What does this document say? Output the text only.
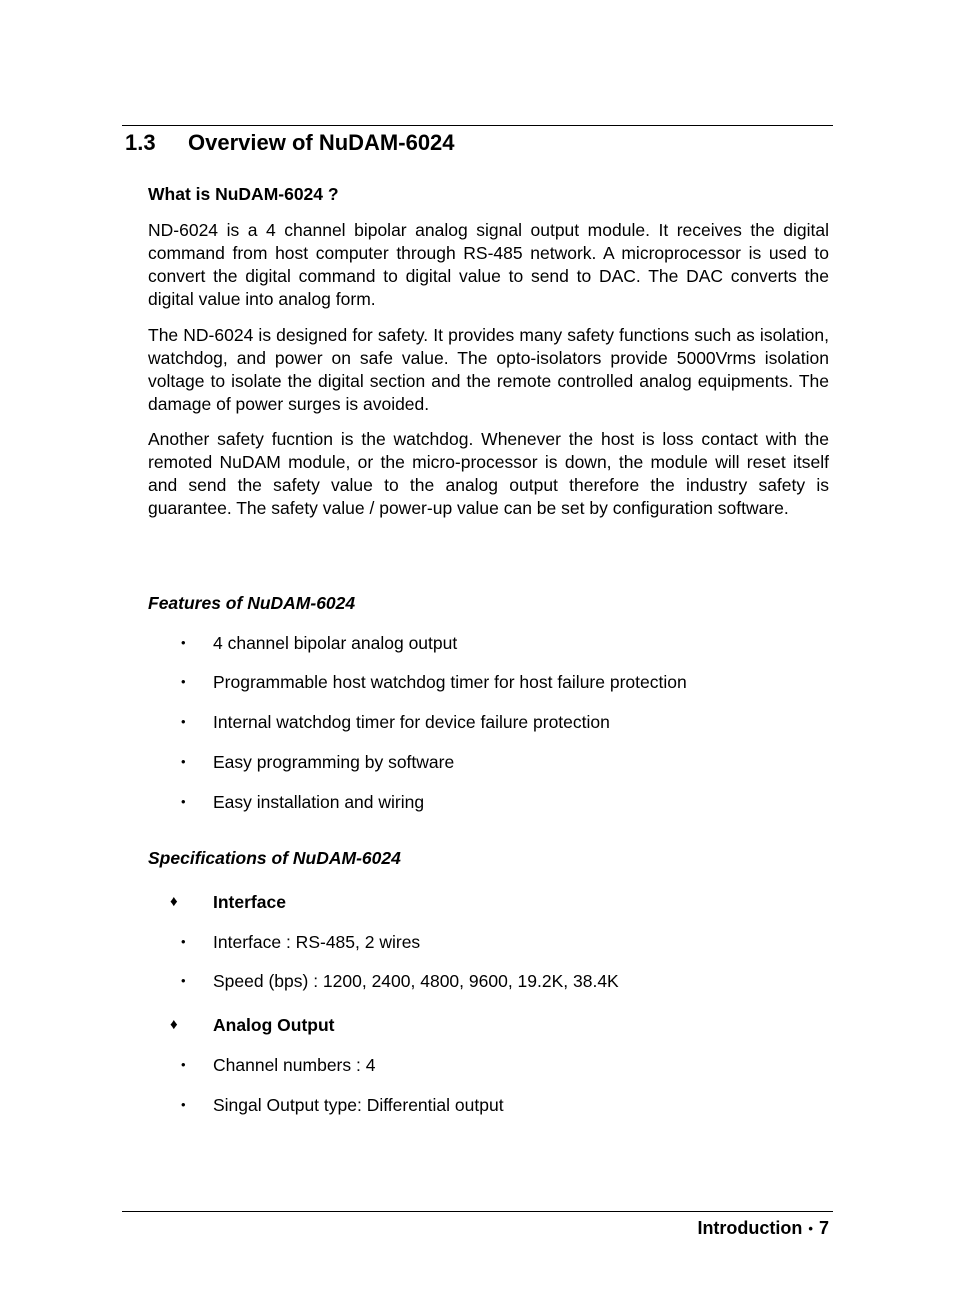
1.3 Overview of NuDAM-6024
What is NuDAM-6024 ?

ND-6024 is a 4 channel bipolar analog signal output module. It receives the digital command from host computer through RS-485 network. A microprocessor is used to convert the digital command to digital value to send to DAC. The DAC converts the digital value into analog form.

The ND-6024 is designed for safety. It provides many safety functions such as isolation, watchdog, and power on safe value. The opto-isolators provide 5000Vrms isolation voltage to isolate the digital section and the remote controlled analog equipments. The damage of power surges is avoided.

Another safety fucntion is the watchdog. Whenever the host is loss contact with the remoted NuDAM module, or the micro-processor is down, the module will reset itself and send the safety value to the analog output therefore the industry safety is guarantee. The safety value / power-up value can be set by configuration software.

Features of NuDAM-6024
• 4 channel bipolar analog output
• Programmable host watchdog timer for host failure protection
• Internal watchdog timer for device failure protection
• Easy programming by software
• Easy installation and wiring
Specifications of NuDAM-6024
♦ Interface
• Interface : RS-485, 2 wires
• Speed (bps) : 1200, 2400, 4800, 9600, 19.2K, 38.4K
♦ Analog Output
• Channel numbers : 4
• Singal Output type: Differential output
Introduction • 7
